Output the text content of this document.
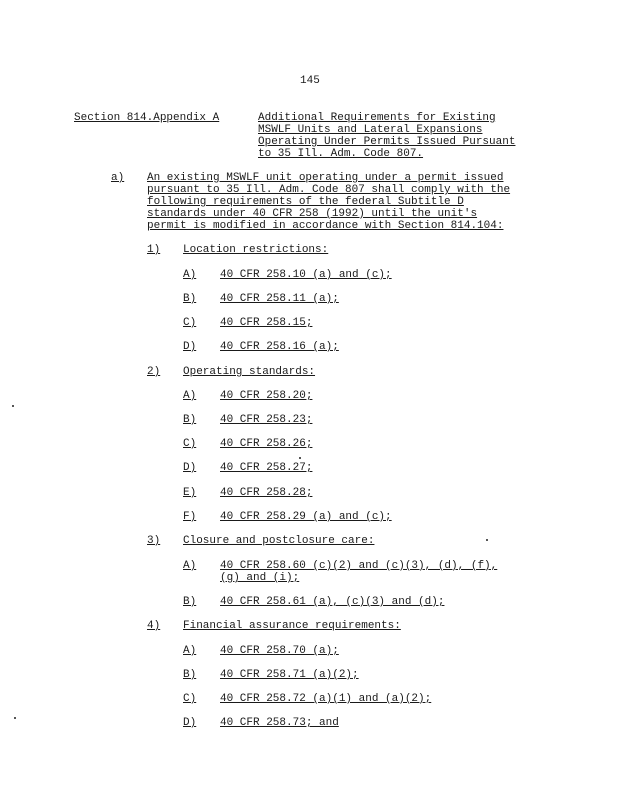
145
Section 814.Appendix A	Additional Requirements for Existing
MSWLF Units and Lateral Expansions
Operating Under Permits Issued Pursuant
to 35 Ill. Adm. Code 807.
a) An existing MSWLF unit operating under a permit issued
pursuant to 35 Ill. Adm. Code 807 shall comply with the
following requirements of the federal Subtitle D
standards under 40 CFR 258 (1992) until the unit's
permit is modified in accordance with Section 814.104:
1) Location restrictions:
A) 40 CFR 258.10 (a) and (c);
B) 40 CFR 258.11 (a);
C) 40 CFR 258.15;
D) 40 CFR 258.16 (a);
2) Operating standards:
A) 40 CFR 258.20;
B) 40 CFR 258.23;
C) 40 CFR 258.26;
D) 40 CFR 258.27;
E) 40 CFR 258.28;
F) 40 CFR 258.29 (a) and (c);
3) Closure and postclosure care:
A) 40 CFR 258.60 (c)(2) and (c)(3), (d), (f),
(g) and (i);
B) 40 CFR 258.61 (a), (c)(3) and (d);
4) Financial assurance requirements:
A) 40 CFR 258.70 (a);
B) 40 CFR 258.71 (a)(2);
C) 40 CFR 258.72 (a)(1) and (a)(2);
D) 40 CFR 258.73; and
